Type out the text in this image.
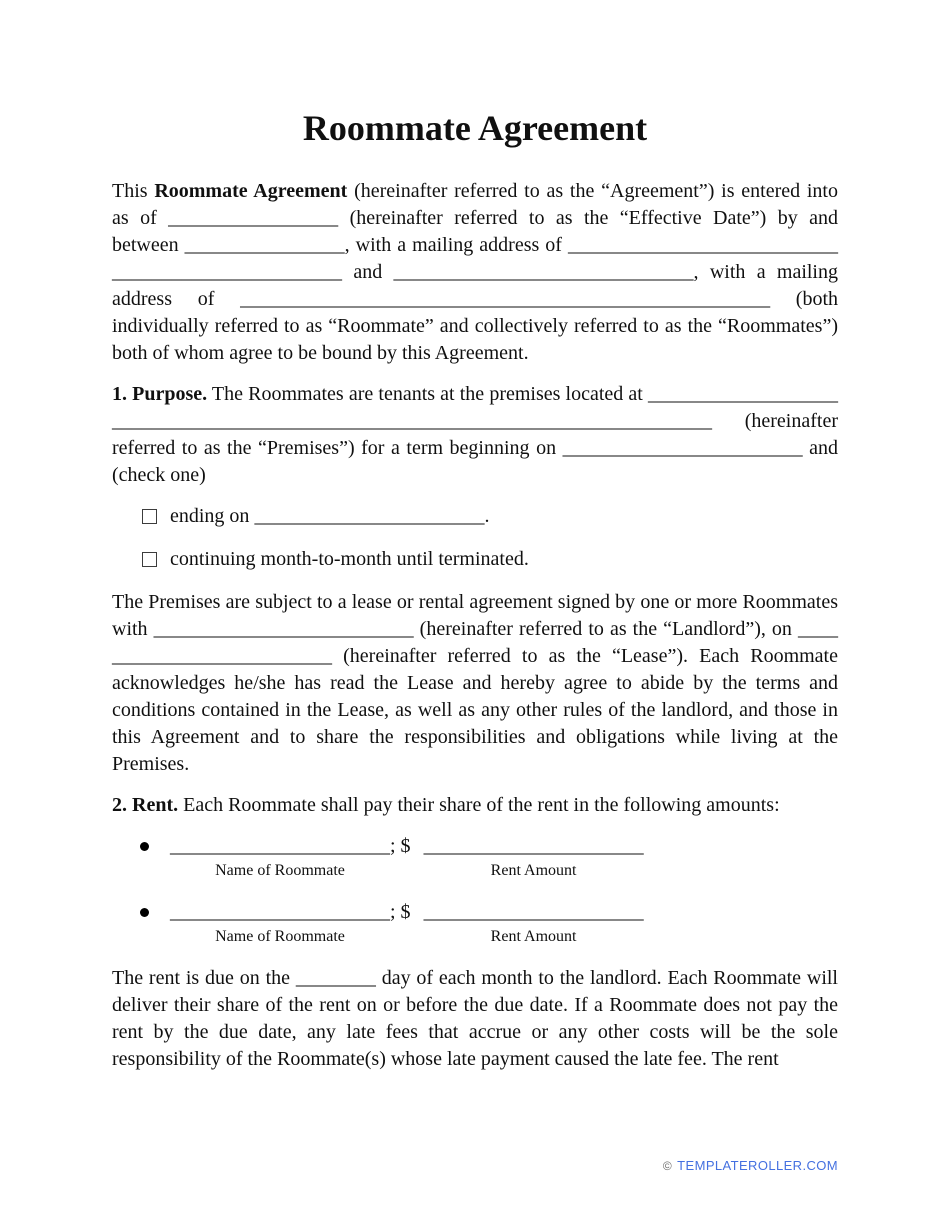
Roommate Agreement

This Roommate Agreement (hereinafter referred to as the “Agreement”) is entered into as of _________________ (hereinafter referred to as the “Effective Date”) by and between ________________, with a mailing address of __________________________________________________ and ______________________________, with a mailing address of _____________________________________________________ (both individually referred to as “Roommate” and collectively referred to as the “Roommates”) both of whom agree to be bound by this Agreement.

1. Purpose. The Roommates are tenants at the premises located at _______________________________________________________________________________ (hereinafter referred to as the “Premises”) for a term beginning on ________________________ and (check one)

ending on _______________________.
continuing month-to-month until terminated.

The Premises are subject to a lease or rental agreement signed by one or more Roommates with __________________________ (hereinafter referred to as the “Landlord”), on __________________________ (hereinafter referred to as the “Lease”). Each Roommate acknowledges he/she has read the Lease and hereby agree to abide by the terms and conditions contained in the Lease, as well as any other rules of the landlord, and those in this Agreement and to share the responsibilities and obligations while living at the Premises.

2. Rent. Each Roommate shall pay their share of the rent in the following amounts:

______________________
Name of Roommate
; $ ______________________
Rent Amount
______________________
Name of Roommate
; $ ______________________
Rent Amount

The rent is due on the ________ day of each month to the landlord. Each Roommate will deliver their share of the rent on or before the due date. If a Roommate does not pay the rent by the due date, any late fees that accrue or any other costs will be the sole responsibility of the Roommate(s) whose late payment caused the late fee. The rent

© TEMPLATEROLLER.COM
